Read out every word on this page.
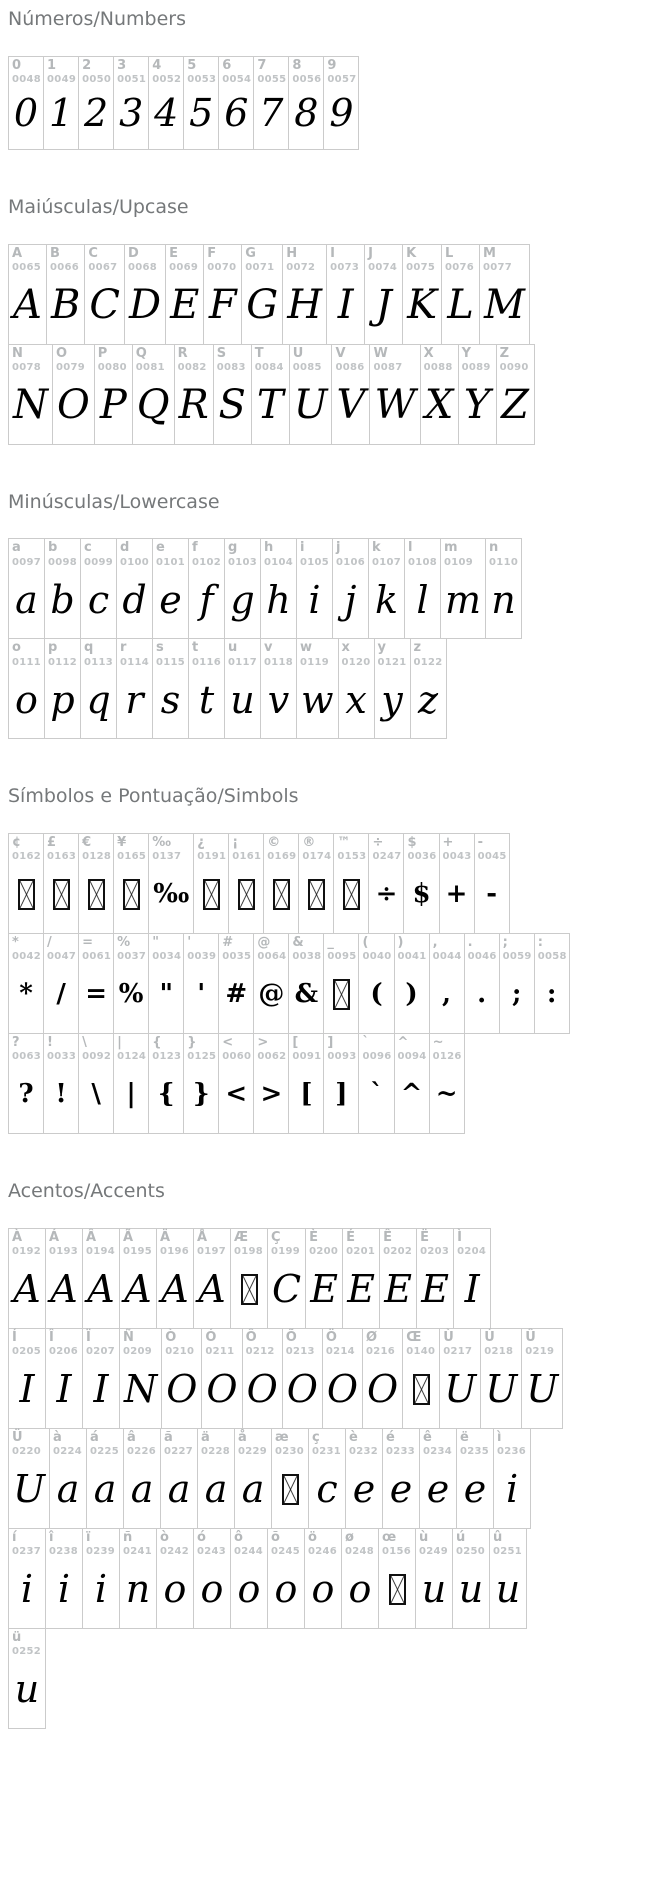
Números/Numbers
0
0048
0
1
0049
1
2
0050
2
3
0051
3
4
0052
4
5
0053
5
6
0054
6
7
0055
7
8
0056
8
9
0057
9
Maiúsculas/Upcase
A
0065
A
B
0066
B
C
0067
C
D
0068
D
E
0069
E
F
0070
F
G
0071
G
H
0072
H
I
0073
I
J
0074
J
K
0075
K
L
0076
L
M
0077
M
N
0078
N
O
0079
O
P
0080
P
Q
0081
Q
R
0082
R
S
0083
S
T
0084
T
U
0085
U
V
0086
V
W
0087
W
X
0088
X
Y
0089
Y
Z
0090
Z
Minúsculas/Lowercase
a
0097
a
b
0098
b
c
0099
c
d
0100
d
e
0101
e
f
0102
f
g
0103
g
h
0104
h
i
0105
i
j
0106
j
k
0107
k
l
0108
l
m
0109
m
n
0110
n
o
0111
o
p
0112
p
q
0113
q
r
0114
r
s
0115
s
t
0116
t
u
0117
u
v
0118
v
w
0119
w
x
0120
x
y
0121
y
z
0122
z
Símbolos e Pontuação/Simbols
¢
0162
£
0163
€
0128
¥
0165
‰
0137
‰
¿
0191
¡
0161
©
0169
®
0174
™
0153
÷
0247
÷
$
0036
$
+
0043
+
-
0045
-
*
0042
*
/
0047
/
=
0061
=
%
0037
%
"
0034
"
'
0039
'
#
0035
#
@
0064
@
&
0038
&
_
0095
(
0040
(
)
0041
)
,
0044
,
.
0046
.
;
0059
;
:
0058
:
?
0063
?
!
0033
!
\
0092
\
|
0124
|
{
0123
{
}
0125
}
<
0060
<
>
0062
>
[
0091
[
]
0093
]
`
0096
`
^
0094
^
~
0126
~
Acentos/Accents
À
0192
A
Á
0193
A
Â
0194
A
Ã
0195
A
Ä
0196
A
Å
0197
A
Æ
0198
Ç
0199
C
È
0200
E
É
0201
E
Ê
0202
E
Ë
0203
E
Ì
0204
I
Í
0205
I
Î
0206
I
Ï
0207
I
Ñ
0209
N
Ò
0210
O
Ó
0211
O
Ô
0212
O
Õ
0213
O
Ö
0214
O
Ø
0216
O
Œ
0140
Ù
0217
U
Ú
0218
U
Û
0219
U
Ü
0220
U
à
0224
a
á
0225
a
â
0226
a
ã
0227
a
ä
0228
a
å
0229
a
æ
0230
ç
0231
c
è
0232
e
é
0233
e
ê
0234
e
ë
0235
e
ì
0236
i
í
0237
i
î
0238
i
ï
0239
i
ñ
0241
n
ò
0242
o
ó
0243
o
ô
0244
o
õ
0245
o
ö
0246
o
ø
0248
o
œ
0156
ù
0249
u
ú
0250
u
û
0251
u
ü
0252
u
